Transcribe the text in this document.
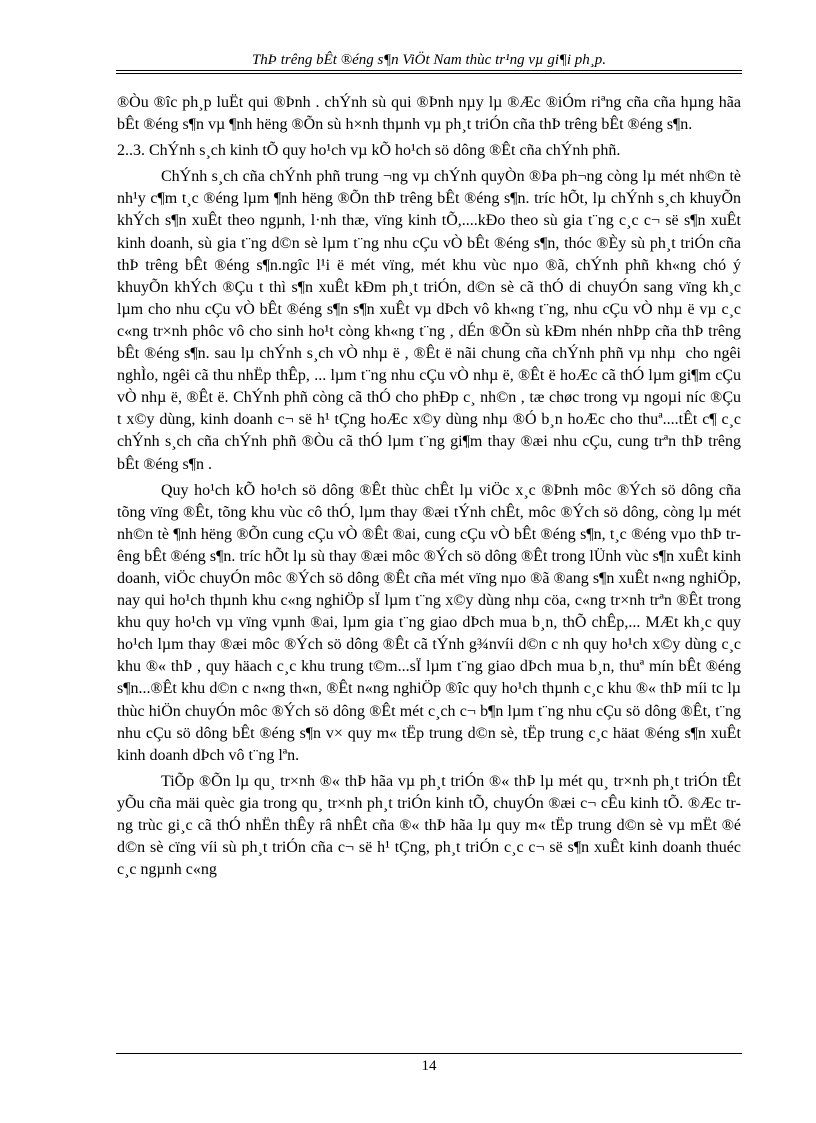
ThÞ trêng bÊt ®éng s¶n ViÖt Nam thùc tr¹ng vµ gi¶i ph¸p.

®Òu ®îc ph¸p luËt qui ®Þnh . chÝnh sù qui ®Þnh nµy lµ ®Æc ®iÓm riªng cña cña hµng hãa bÊt ®éng s¶n vµ ¶nh hëng ®Õn sù h×nh thµnh vµ ph¸t triÓn cña thÞ trêng bÊt ®éng s¶n.

2..3. ChÝnh s¸ch kinh tÕ quy ho¹ch vµ kÕ ho¹ch sö dông ®Êt cña chÝnh phñ.

ChÝnh s¸ch cña chÝnh phñ trung ¬ng vµ chÝnh quyÒn ®Þa ph¬ng còng lµ mét nh©n tè nh¹y c¶m t¸c ®éng lµm ¶nh hëng ®Õn thÞ trêng bÊt ®éng s¶n. tríc hÕt, lµ chÝnh s¸ch khuyÕn khÝch s¶n xuÊt theo ngµnh, l·nh thæ, vïng kinh tÕ,....kÐo theo sù gia t¨ng c¸c c¬ së s¶n xuÊt kinh doanh, sù gia t¨ng d©n sè lµm t¨ng nhu cÇu vÒ bÊt ®éng s¶n, thóc ®Èy sù ph¸t triÓn cña thÞ trêng bÊt ®éng s¶n.ngîc l¹i ë mét vïng, mét khu vùc nµo ®ã, chÝnh phñ kh«ng chó ý khuyÕn khÝch ®Çu t thì s¶n xuÊt kÐm ph¸t triÓn, d©n sè cã thÓ di chuyÓn sang vïng kh¸c lµm cho nhu cÇu vÒ bÊt ®éng s¶n s¶n xuÊt vµ dÞch vô kh«ng t¨ng, nhu cÇu vÒ nhµ ë vµ c¸c c«ng tr×nh phôc vô cho sinh ho¹t còng kh«ng t¨ng , dÉn ®Õn sù kÐm nhén nhÞp cña thÞ trêng bÊt ®éng s¶n. sau lµ chÝnh s¸ch vÒ nhµ ë , ®Êt ë nãi chung cña chÝnh phñ vµ nhµ cho ngêi nghÌo, ngêi cã thu nhËp thÊp, ... lµm t¨ng nhu cÇu vÒ nhµ ë, ®Êt ë hoÆc cã thÓ lµm gi¶m cÇu vÒ nhµ ë, ®Êt ë. ChÝnh phñ còng cã thÓ cho phÐp c¸ nh©n , tæ chøc trong vµ ngoµi níc ®Çu t x©y dùng, kinh doanh c¬ së h¹ tÇng hoÆc x©y dùng nhµ ®Ó b¸n hoÆc cho thuª....tÊt c¶ c¸c chÝnh s¸ch cña chÝnh phñ ®Òu cã thÓ lµm t¨ng gi¶m thay ®æi nhu cÇu, cung trªn thÞ trêng bÊt ®éng s¶n .

Quy ho¹ch kÕ ho¹ch sö dông ®Êt thùc chÊt lµ viÖc x¸c ®Þnh môc ®Ých sö dông cña tõng vïng ®Êt, tõng khu vùc cô thÓ, lµm thay ®æi tÝnh chÊt, môc ®Ých sö dông, còng lµ mét nh©n tè ¶nh hëng ®Õn cung cÇu vÒ ®Êt ®ai, cung cÇu vÒ bÊt ®éng s¶n, t¸c ®éng vµo thÞ trêng bÊt ®éng s¶n. tríc hÕt lµ sù thay ®æi môc ®Ých sö dông ®Êt trong lÜnh vùc s¶n xuÊt kinh doanh, viÖc chuyÓn môc ®Ých sö dông ®Êt cña mét vïng nµo ®ã ®ang s¶n xuÊt n«ng nghiÖp, nay qui ho¹ch thµnh khu c«ng nghiÖp sÏ lµm t¨ng x©y dùng nhµ cöa, c«ng tr×nh trªn ®Êt trong khu quy ho¹ch vµ vïng vµnh ®ai, lµm gia t¨ng giao dÞch mua b¸n, thÕ chÊp,... MÆt kh¸c quy ho¹ch lµm thay ®æi môc ®Ých sö dông ®Êt cã tÝnh g¾nvíi d©n c nh quy ho¹ch x©y dùng c¸c khu ®« thÞ , quy häach c¸c khu trung t©m...sÏ lµm t¨ng giao dÞch mua b¸n, thuª mín bÊt ®éng s¶n...®Êt khu d©n c n«ng th«n, ®Êt n«ng nghiÖp ®îc quy ho¹ch thµnh c¸c khu ®« thÞ míi tc lµ thùc hiÖn chuyÓn môc ®Ých sö dông ®Êt mét c¸ch c¬ b¶n lµm t¨ng nhu cÇu sö dông ®Êt, t¨ng nhu cÇu sö dông bÊt ®éng s¶n v× quy m« tËp trung d©n sè, tËp trung c¸c häat ®éng s¶n xuÊt kinh doanh dÞch vô t¨ng lªn.

TiÕp ®Õn lµ qu¸ tr×nh ®« thÞ hãa vµ ph¸t triÓn ®« thÞ lµ mét qu¸ tr×nh ph¸t triÓn tÊt yÕu cña mäi quèc gia trong qu¸ tr×nh ph¸t triÓn kinh tÕ, chuyÓn ®æi c¬ cÊu kinh tÕ. ®Æc trng trùc gi¸c cã thÓ nhËn thÊy râ nhÊt cña ®« thÞ hãa lµ quy m« tËp trung d©n sè vµ mËt ®é d©n sè cïng víi sù ph¸t triÓn cña c¬ së h¹ tÇng, ph¸t triÓn c¸c c¬ së s¶n xuÊt kinh doanh thuéc c¸c ngµnh c«ng

14
